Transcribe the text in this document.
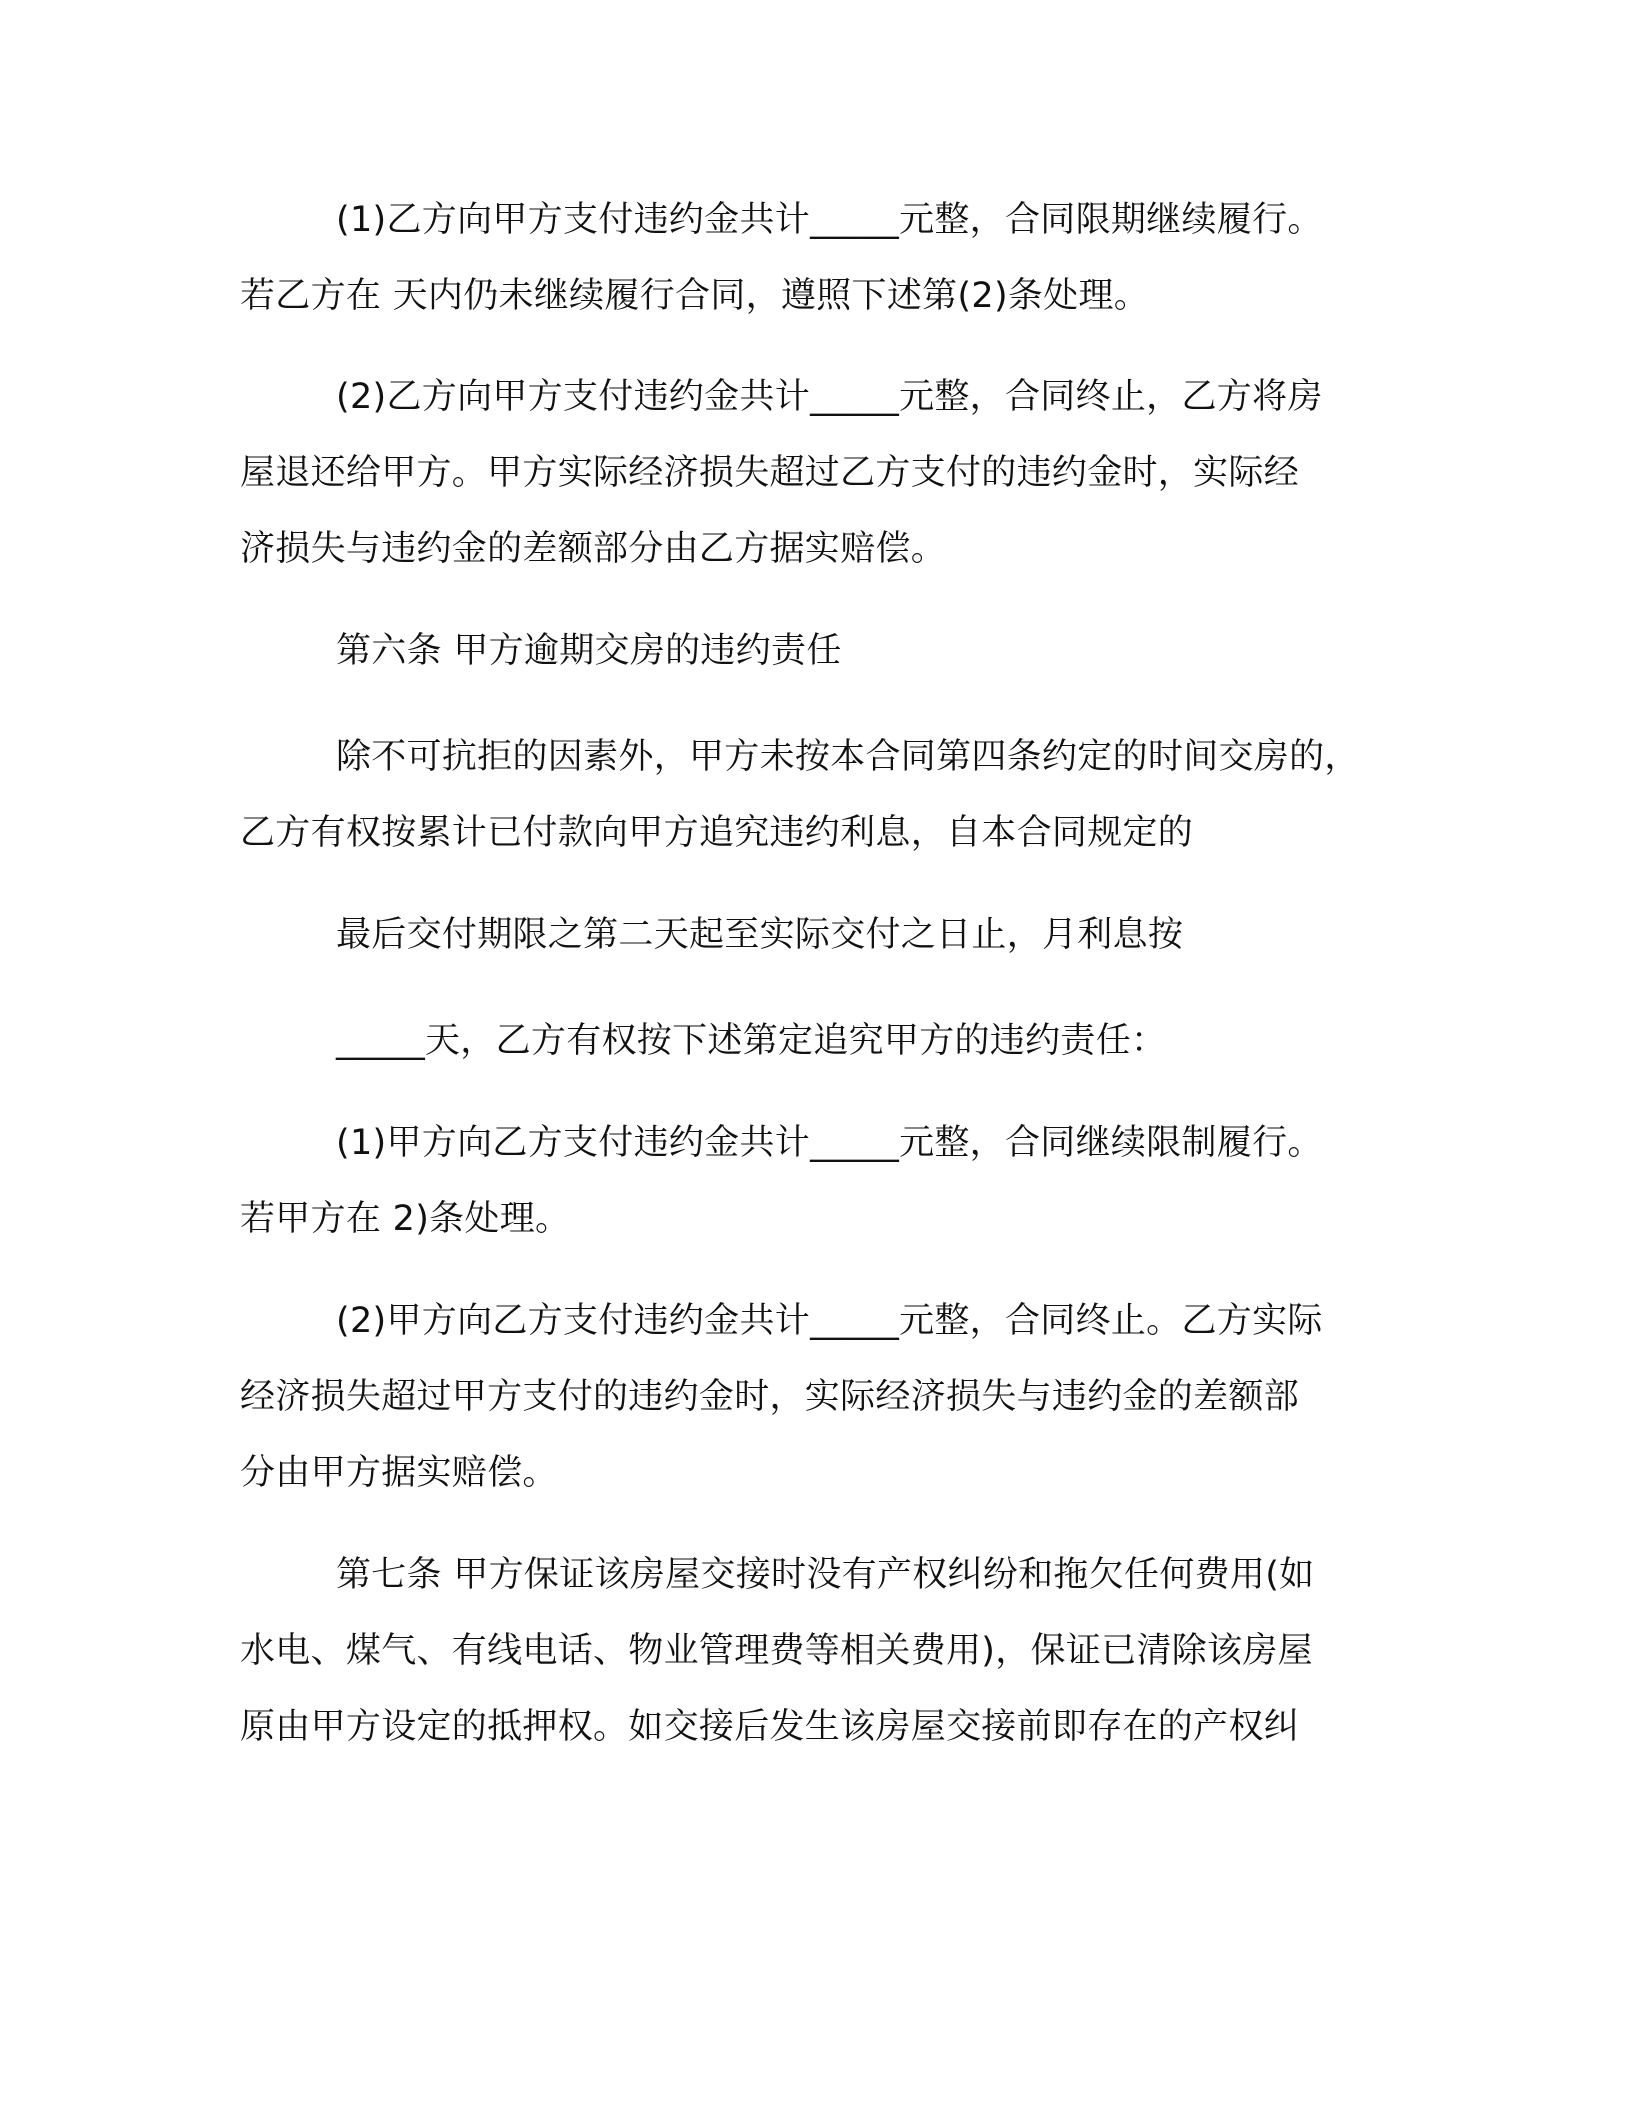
(1)乙方向甲方支付违约金共计_____元整，合同限期继续履行。
若乙方在 天内仍未继续履行合同，遵照下述第(2)条处理。
(2)乙方向甲方支付违约金共计_____元整，合同终止，乙方将房
屋退还给甲方。甲方实际经济损失超过乙方支付的违约金时，实际经
济损失与违约金的差额部分由乙方据实赔偿。
第六条 甲方逾期交房的违约责任
除不可抗拒的因素外，甲方未按本合同第四条约定的时间交房的，
乙方有权按累计已付款向甲方追究违约利息，自本合同规定的
最后交付期限之第二天起至实际交付之日止，月利息按
_____天，乙方有权按下述第定追究甲方的违约责任：
(1)甲方向乙方支付违约金共计_____元整，合同继续限制履行。
若甲方在 2)条处理。
(2)甲方向乙方支付违约金共计_____元整，合同终止。乙方实际
经济损失超过甲方支付的违约金时，实际经济损失与违约金的差额部
分由甲方据实赔偿。
第七条 甲方保证该房屋交接时没有产权纠纷和拖欠任何费用(如
水电、煤气、有线电话、物业管理费等相关费用)，保证已清除该房屋
原由甲方设定的抵押权。如交接后发生该房屋交接前即存在的产权纠
